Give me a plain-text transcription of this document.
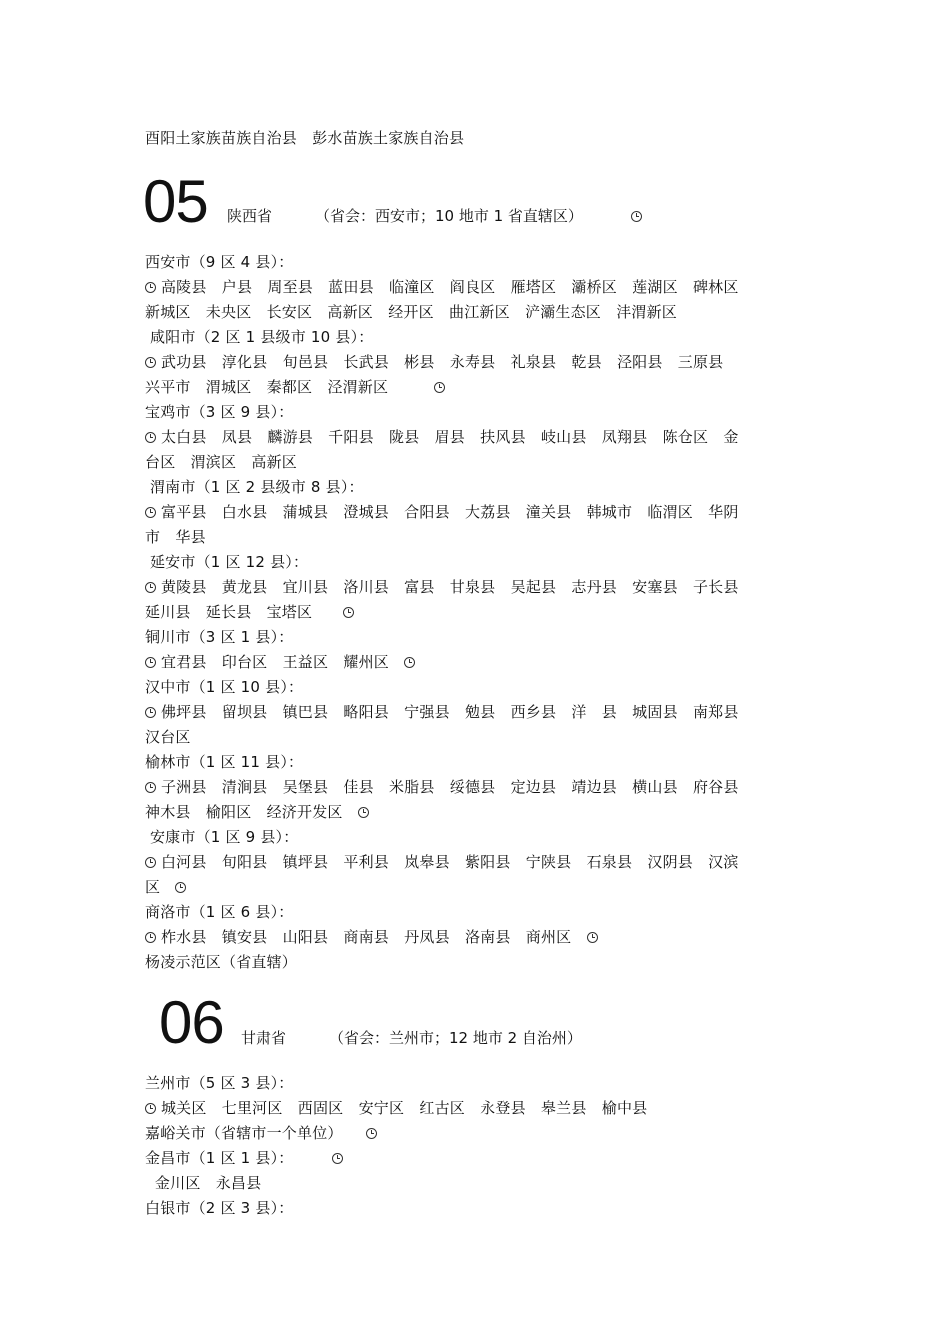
酉阳土家族苗族自治县　彭水苗族土家族自治县
05 陕西省	（省会：西安市；10 地市 1 省直辖区）
西安市（9 区 4 县）：
高陵县　户县　周至县　蓝田县　临潼区　阎良区　雁塔区　灞桥区　莲湖区　碑林区
新城区　未央区　长安区　高新区　经开区　曲江新区　浐灞生态区　沣渭新区
咸阳市（2 区 1 县级市 10 县）：
武功县　淳化县　旬邑县　长武县　彬县　永寿县　礼泉县　乾县　泾阳县　三原县
兴平市　渭城区　秦都区　泾渭新区　　　
宝鸡市（3 区 9 县）：
太白县　凤县　麟游县　千阳县　陇县　眉县　扶风县　岐山县　凤翔县　陈仓区　金
台区　渭滨区　高新区
渭南市（1 区 2 县级市 8 县）：
富平县　白水县　蒲城县　澄城县　合阳县　大荔县　潼关县　韩城市　临渭区　华阴
市　华县
延安市（1 区 12 县）：
黄陵县　黄龙县　宜川县　洛川县　富县　甘泉县　吴起县　志丹县　安塞县　子长县
延川县　延长县　宝塔区　　
铜川市（3 区 1 县）：
宜君县　印台区　王益区　耀州区　
汉中市（1 区 10 县）：
佛坪县　留坝县　镇巴县　略阳县　宁强县　勉县　西乡县　洋　县　城固县　南郑县
汉台区
榆林市（1 区 11 县）：
子洲县　清涧县　吴堡县　佳县　米脂县　绥德县　定边县　靖边县　横山县　府谷县
神木县　榆阳区　经济开发区　
安康市（1 区 9 县）：
白河县　旬阳县　镇坪县　平利县　岚皋县　紫阳县　宁陕县　石泉县　汉阴县　汉滨
区　
商洛市（1 区 6 县）：
柞水县　镇安县　山阳县　商南县　丹凤县　洛南县　商州区　
杨凌示范区（省直辖）
06 甘肃省	（省会：兰州市；12 地市 2 自治州）
兰州市（5 区 3 县）：
城关区　七里河区　西固区　安宁区　红古区　永登县　皋兰县　榆中县
嘉峪关市（省辖市一个单位）　　
金昌市（1 区 1 县）：　　　
金川区　永昌县
白银市（2 区 3 县）：
